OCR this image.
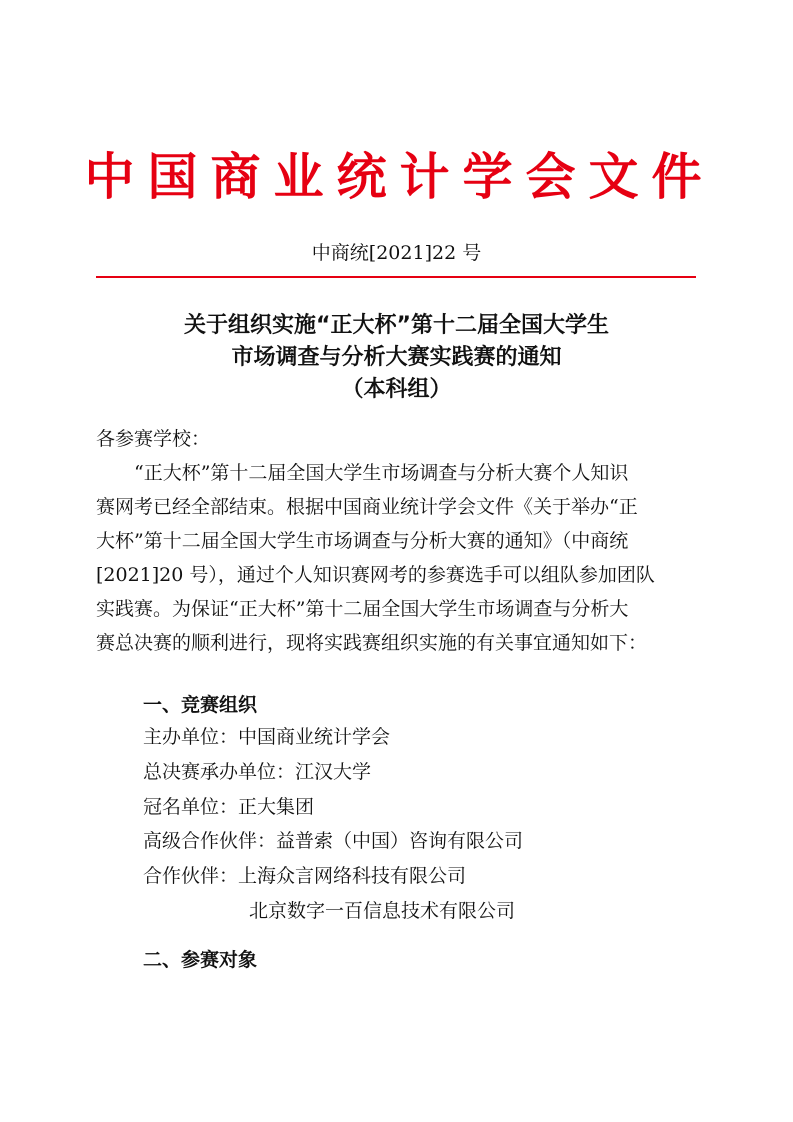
中国商业统计学会文件
中商统[2021]22 号
关于组织实施“正大杯”第十二届全国大学生
市场调查与分析大赛实践赛的通知
（本科组）
各参赛学校：
“正大杯”第十二届全国大学生市场调查与分析大赛个人知识
赛网考已经全部结束。根据中国商业统计学会文件《关于举办“正
大杯”第十二届全国大学生市场调查与分析大赛的通知》（中商统
[2021]20 号），通过个人知识赛网考的参赛选手可以组队参加团队
实践赛。为保证“正大杯”第十二届全国大学生市场调查与分析大
赛总决赛的顺利进行，现将实践赛组织实施的有关事宜通知如下：
一、竞赛组织
主办单位：中国商业统计学会
总决赛承办单位：江汉大学
冠名单位：正大集团
高级合作伙伴：益普索（中国）咨询有限公司
合作伙伴：上海众言网络科技有限公司
北京数字一百信息技术有限公司
二、参赛对象
